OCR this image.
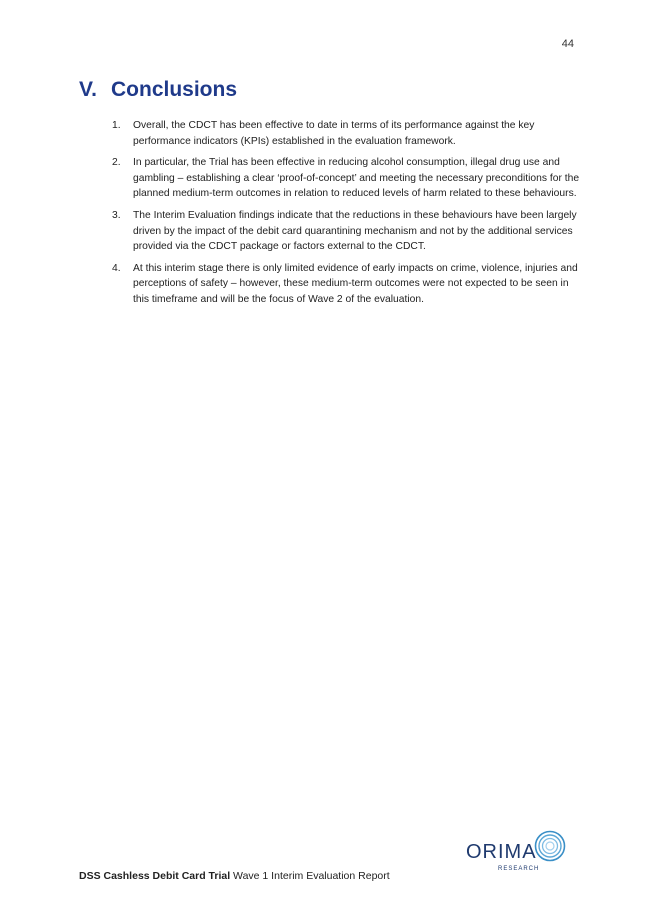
44
V. Conclusions
1.	Overall, the CDCT has been effective to date in terms of its performance against the key performance indicators (KPIs) established in the evaluation framework.
2.	In particular, the Trial has been effective in reducing alcohol consumption, illegal drug use and gambling – establishing a clear ‘proof-of-concept’ and meeting the necessary preconditions for the planned medium-term outcomes in relation to reduced levels of harm related to these behaviours.
3.	The Interim Evaluation findings indicate that the reductions in these behaviours have been largely driven by the impact of the debit card quarantining mechanism and not by the additional services provided via the CDCT package or factors external to the CDCT.
4.	At this interim stage there is only limited evidence of early impacts on crime, violence, injuries and perceptions of safety – however, these medium-term outcomes were not expected to be seen in this timeframe and will be the focus of Wave 2 of the evaluation.
ORIMA
RESEARCH
DSS Cashless Debit Card Trial Wave 1 Interim Evaluation Report
